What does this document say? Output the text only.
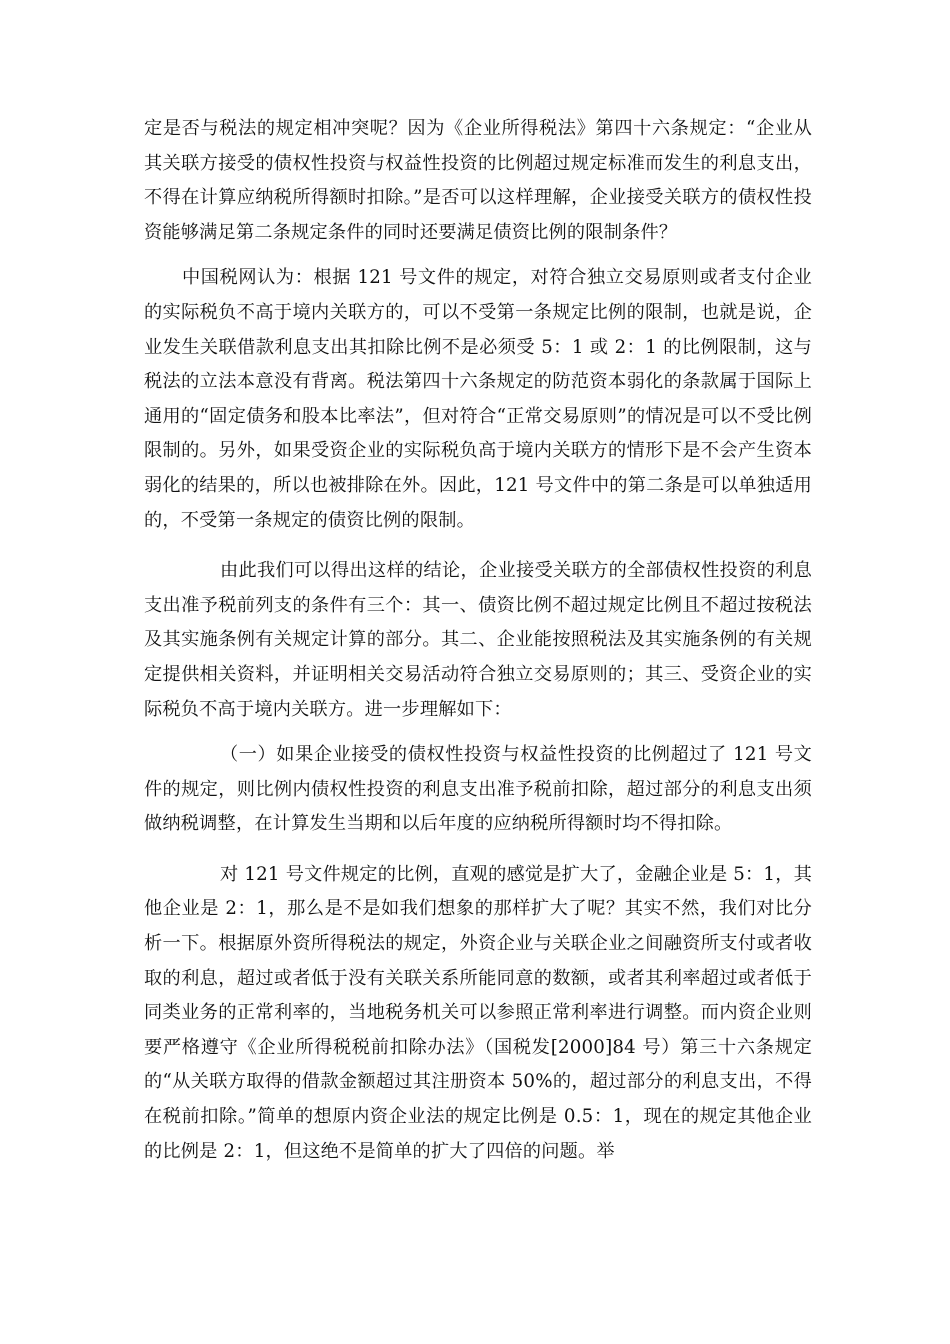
定是否与税法的规定相冲突呢？因为《企业所得税法》第四十六条规定：“企业从其关联方接受的债权性投资与权益性投资的比例超过规定标准而发生的利息支出，不得在计算应纳税所得额时扣除。”是否可以这样理解，企业接受关联方的债权性投资能够满足第二条规定条件的同时还要满足债资比例的限制条件？

中国税网认为：根据 121 号文件的规定，对符合独立交易原则或者支付企业的实际税负不高于境内关联方的，可以不受第一条规定比例的限制，也就是说，企业发生关联借款利息支出其扣除比例不是必须受 5：1 或 2：1 的比例限制，这与税法的立法本意没有背离。税法第四十六条规定的防范资本弱化的条款属于国际上通用的“固定债务和股本比率法”，但对符合“正常交易原则”的情况是可以不受比例限制的。另外，如果受资企业的实际税负高于境内关联方的情形下是不会产生资本弱化的结果的，所以也被排除在外。因此，121 号文件中的第二条是可以单独适用的，不受第一条规定的债资比例的限制。

由此我们可以得出这样的结论，企业接受关联方的全部债权性投资的利息支出准予税前列支的条件有三个：其一、债资比例不超过规定比例且不超过按税法及其实施条例有关规定计算的部分。其二、企业能按照税法及其实施条例的有关规定提供相关资料，并证明相关交易活动符合独立交易原则的；其三、受资企业的实际税负不高于境内关联方。进一步理解如下：

（一）如果企业接受的债权性投资与权益性投资的比例超过了 121 号文件的规定，则比例内债权性投资的利息支出准予税前扣除，超过部分的利息支出须做纳税调整，在计算发生当期和以后年度的应纳税所得额时均不得扣除。

对 121 号文件规定的比例，直观的感觉是扩大了，金融企业是 5：1，其他企业是 2：1，那么是不是如我们想象的那样扩大了呢？其实不然，我们对比分析一下。根据原外资所得税法的规定，外资企业与关联企业之间融资所支付或者收取的利息，超过或者低于没有关联关系所能同意的数额，或者其利率超过或者低于同类业务的正常利率的，当地税务机关可以参照正常利率进行调整。而内资企业则要严格遵守《企业所得税税前扣除办法》（国税发[2000]84 号）第三十六条规定的“从关联方取得的借款金额超过其注册资本 50%的，超过部分的利息支出，不得在税前扣除。”简单的想原内资企业法的规定比例是 0.5：1，现在的规定其他企业的比例是 2：1，但这绝不是简单的扩大了四倍的问题。举
